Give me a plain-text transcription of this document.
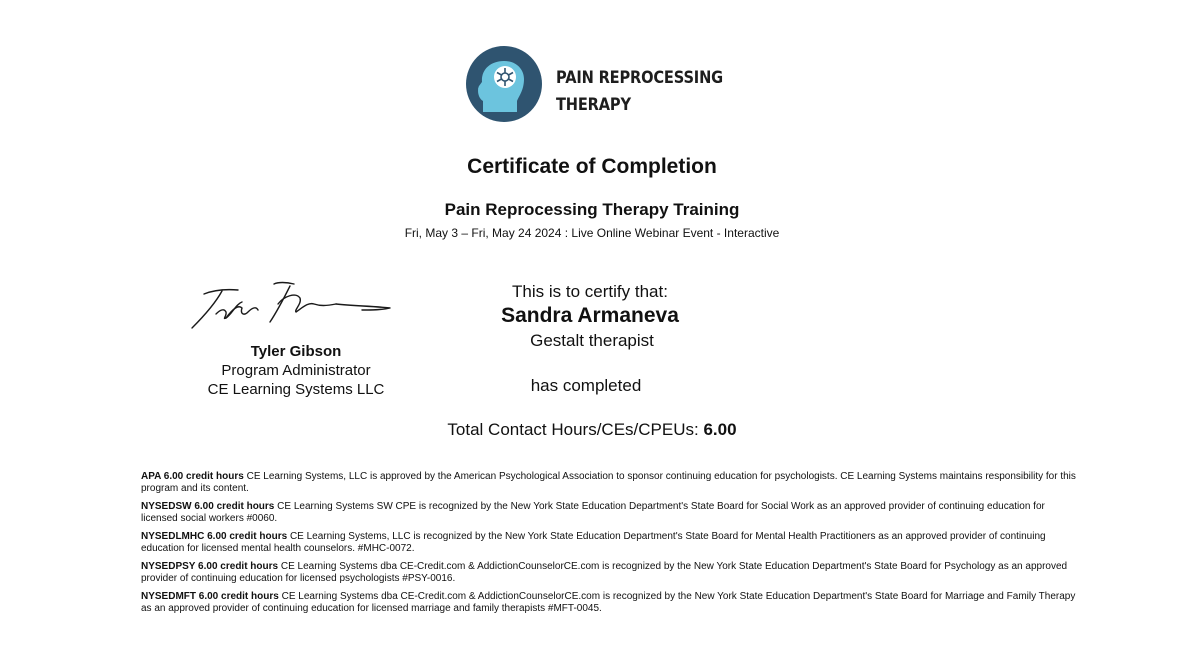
PAIN REPROCESSING
THERAPY
Certificate of Completion
Pain Reprocessing Therapy Training
Fri, May 3 – Fri, May 24 2024 : Live Online Webinar Event - Interactive
Tyler Gibson
Program Administrator
CE Learning Systems LLC
This is to certify that:
Sandra Armaneva
Gestalt therapist
has completed
Total Contact Hours/CEs/CPEUs: 6.00

APA 6.00 credit hours CE Learning Systems, LLC is approved by the American Psychological Association to sponsor continuing education for psychologists. CE Learning Systems maintains responsibility for this program and its content.

NYSEDSW 6.00 credit hours CE Learning Systems SW CPE is recognized by the New York State Education Department's State Board for Social Work as an approved provider of continuing education for licensed social workers #0060.

NYSEDLMHC 6.00 credit hours CE Learning Systems, LLC is recognized by the New York State Education Department's State Board for Mental Health Practitioners as an approved provider of continuing education for licensed mental health counselors. #MHC-0072.

NYSEDPSY 6.00 credit hours CE Learning Systems dba CE-Credit.com & AddictionCounselorCE.com is recognized by the New York State Education Department's State Board for Psychology as an approved provider of continuing education for licensed psychologists #PSY-0016.

NYSEDMFT 6.00 credit hours CE Learning Systems dba CE-Credit.com & AddictionCounselorCE.com is recognized by the New York State Education Department's State Board for Marriage and Family Therapy as an approved provider of continuing education for licensed marriage and family therapists #MFT-0045.
